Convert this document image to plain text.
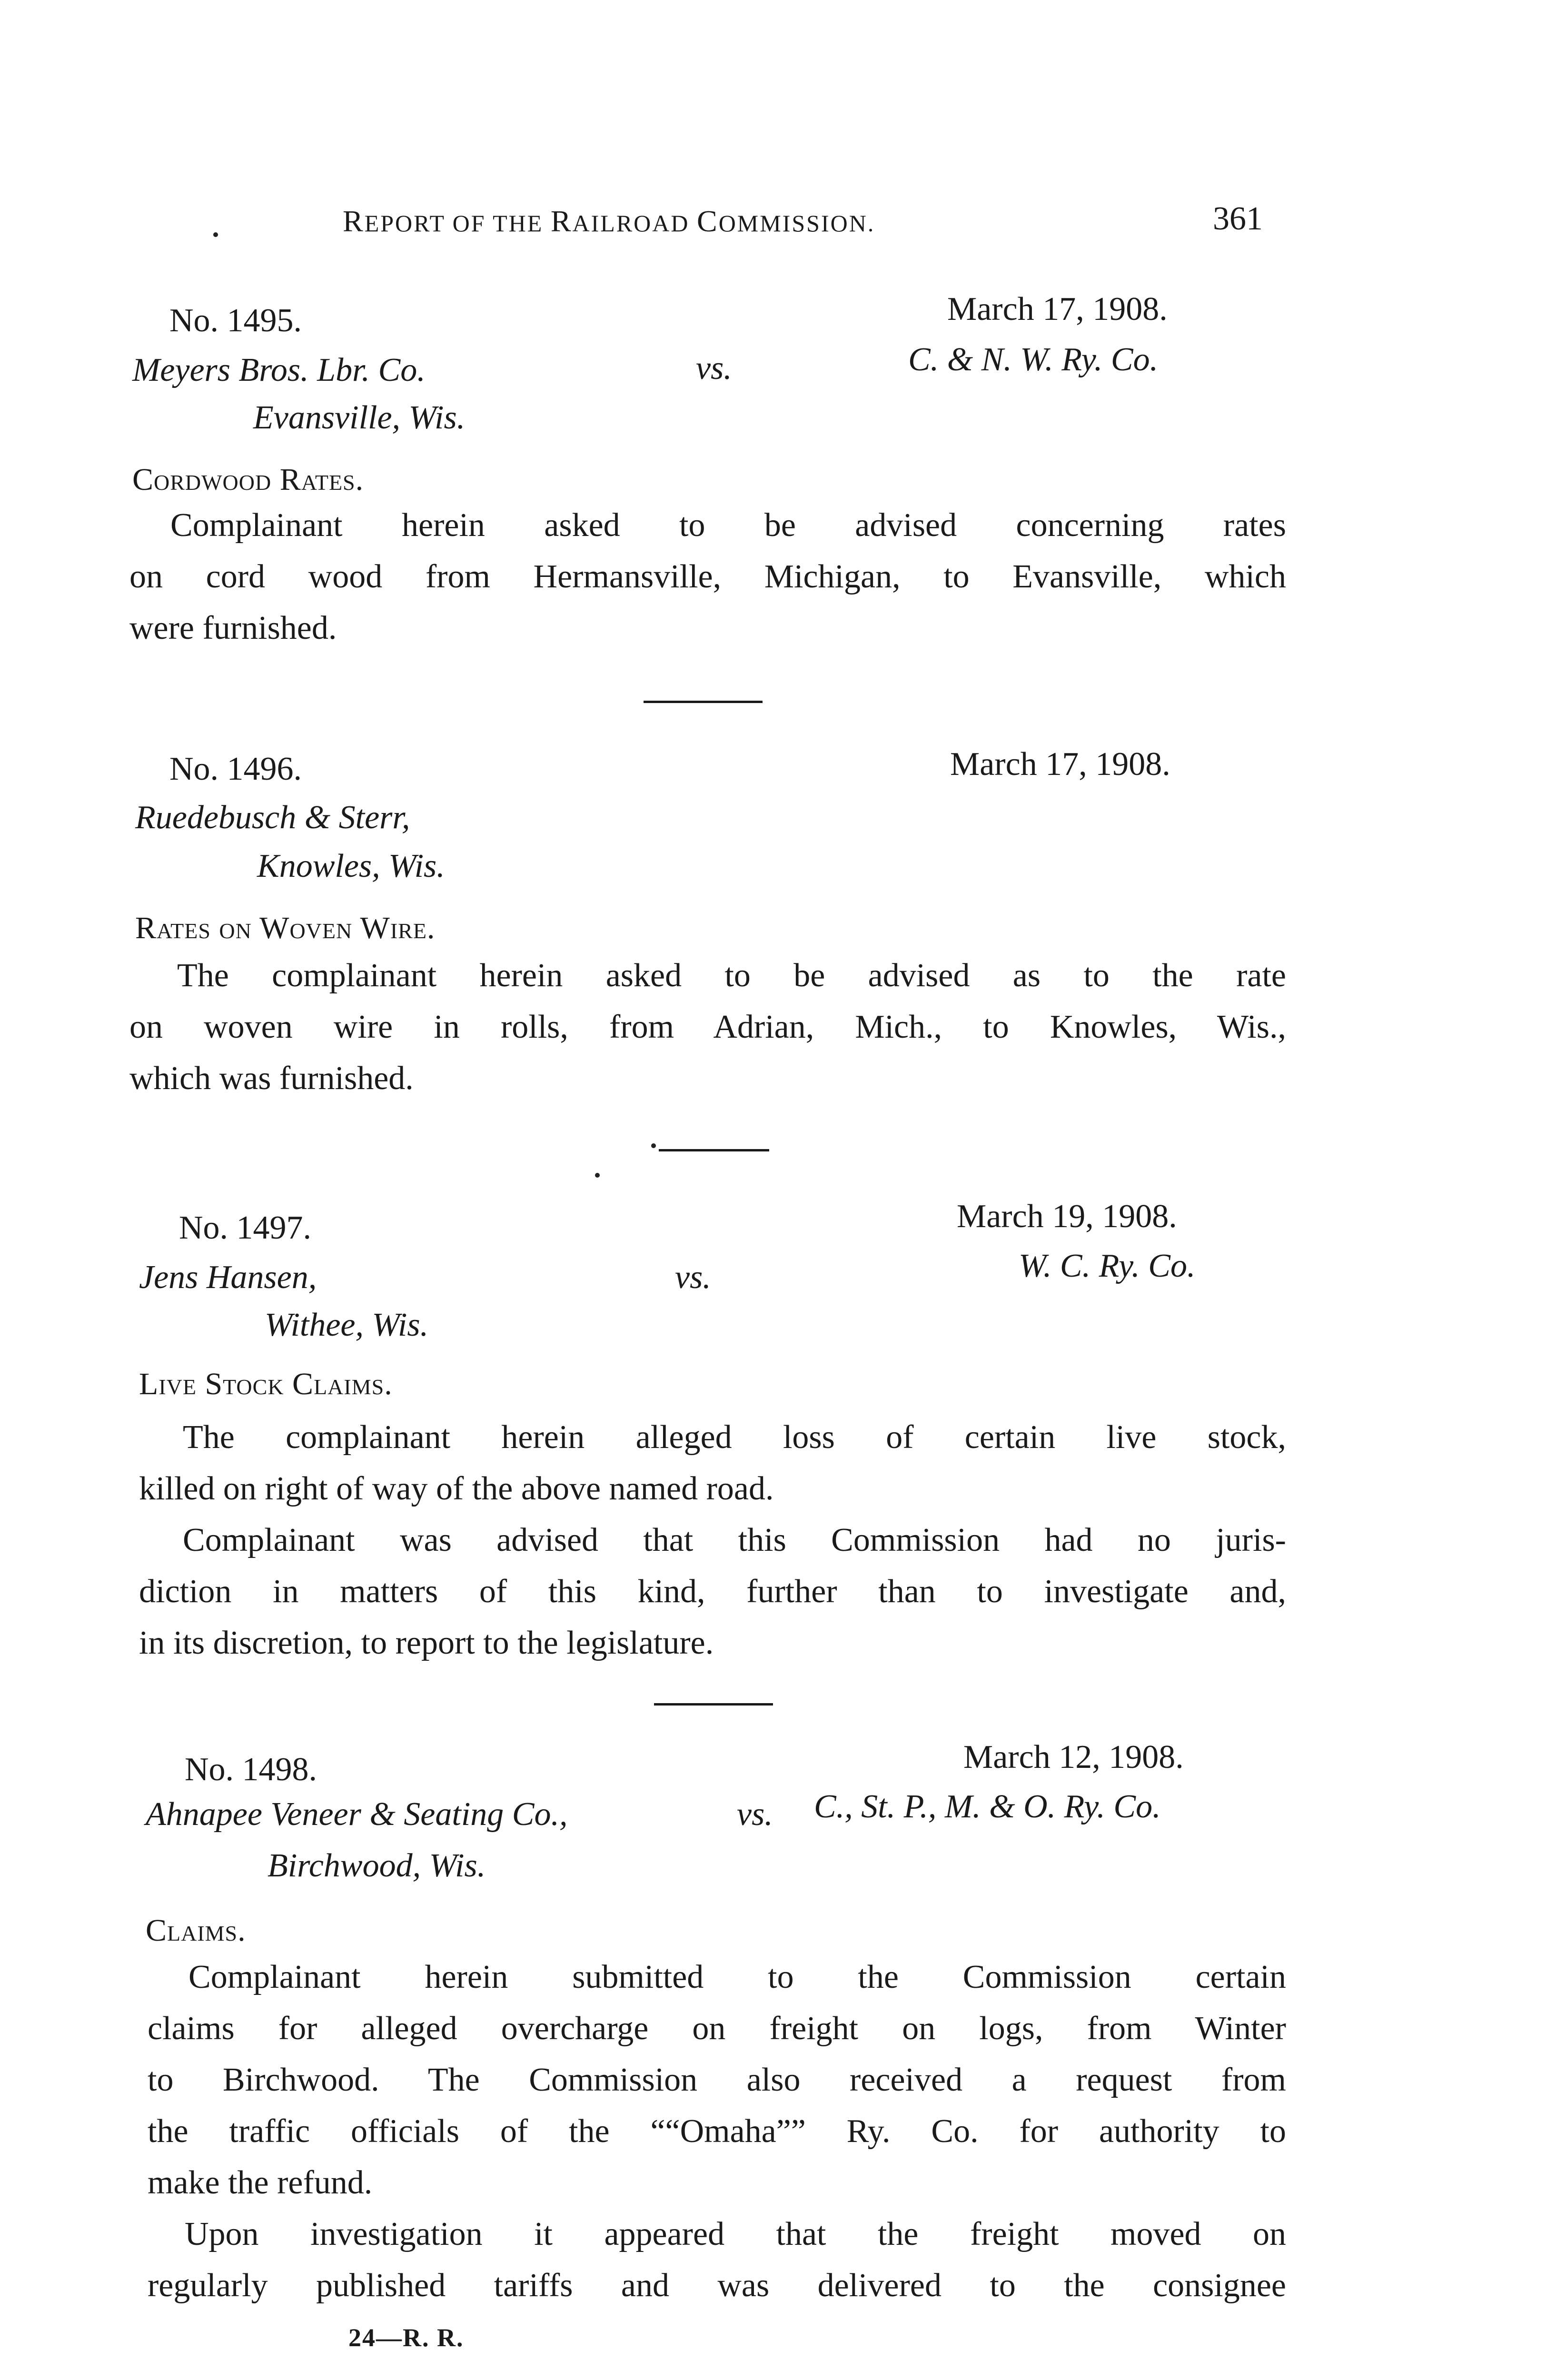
REPORT OF THE RAILROAD COMMISSION.	361
No. 1495.	March 17, 1908.
Meyers Bros. Lbr. Co.	vs.	C. & N. W. Ry. Co.
Evansville, Wis.
Cordwood Rates.
Complainant herein asked to be advised concerning rates
on cord wood from Hermansville, Michigan, to Evansville, which
were furnished.
No. 1496.	March 17, 1908.
Ruedebusch & Sterr,
Knowles, Wis.
Rates on Woven Wire.
The complainant herein asked to be advised as to the rate
on woven wire in rolls, from Adrian, Mich., to Knowles, Wis.,
which was furnished.
No. 1497.	March 19, 1908.
Jens Hansen,	vs.	W. C. Ry. Co.
Withee, Wis.
Live Stock Claims.
The complainant herein alleged loss of certain live stock,
killed on right of way of the above named road.
Complainant was advised that this Commission had no juris-
diction in matters of this kind, further than to investigate and,
in its discretion, to report to the legislature.
No. 1498.	March 12, 1908.
Ahnapee Veneer & Seating Co.,	vs. C., St. P., M. & O. Ry. Co.
Birchwood, Wis.
Claims.
Complainant herein submitted to the Commission certain
claims for alleged overcharge on freight on logs, from Winter
to Birchwood. The Commission also received a request from
the traffic officials of the ““Omaha”” Ry. Co. for authority to
make the refund.
Upon investigation it appeared that the freight moved on
regularly published tariffs and was delivered to the consignee
24—R. R.
